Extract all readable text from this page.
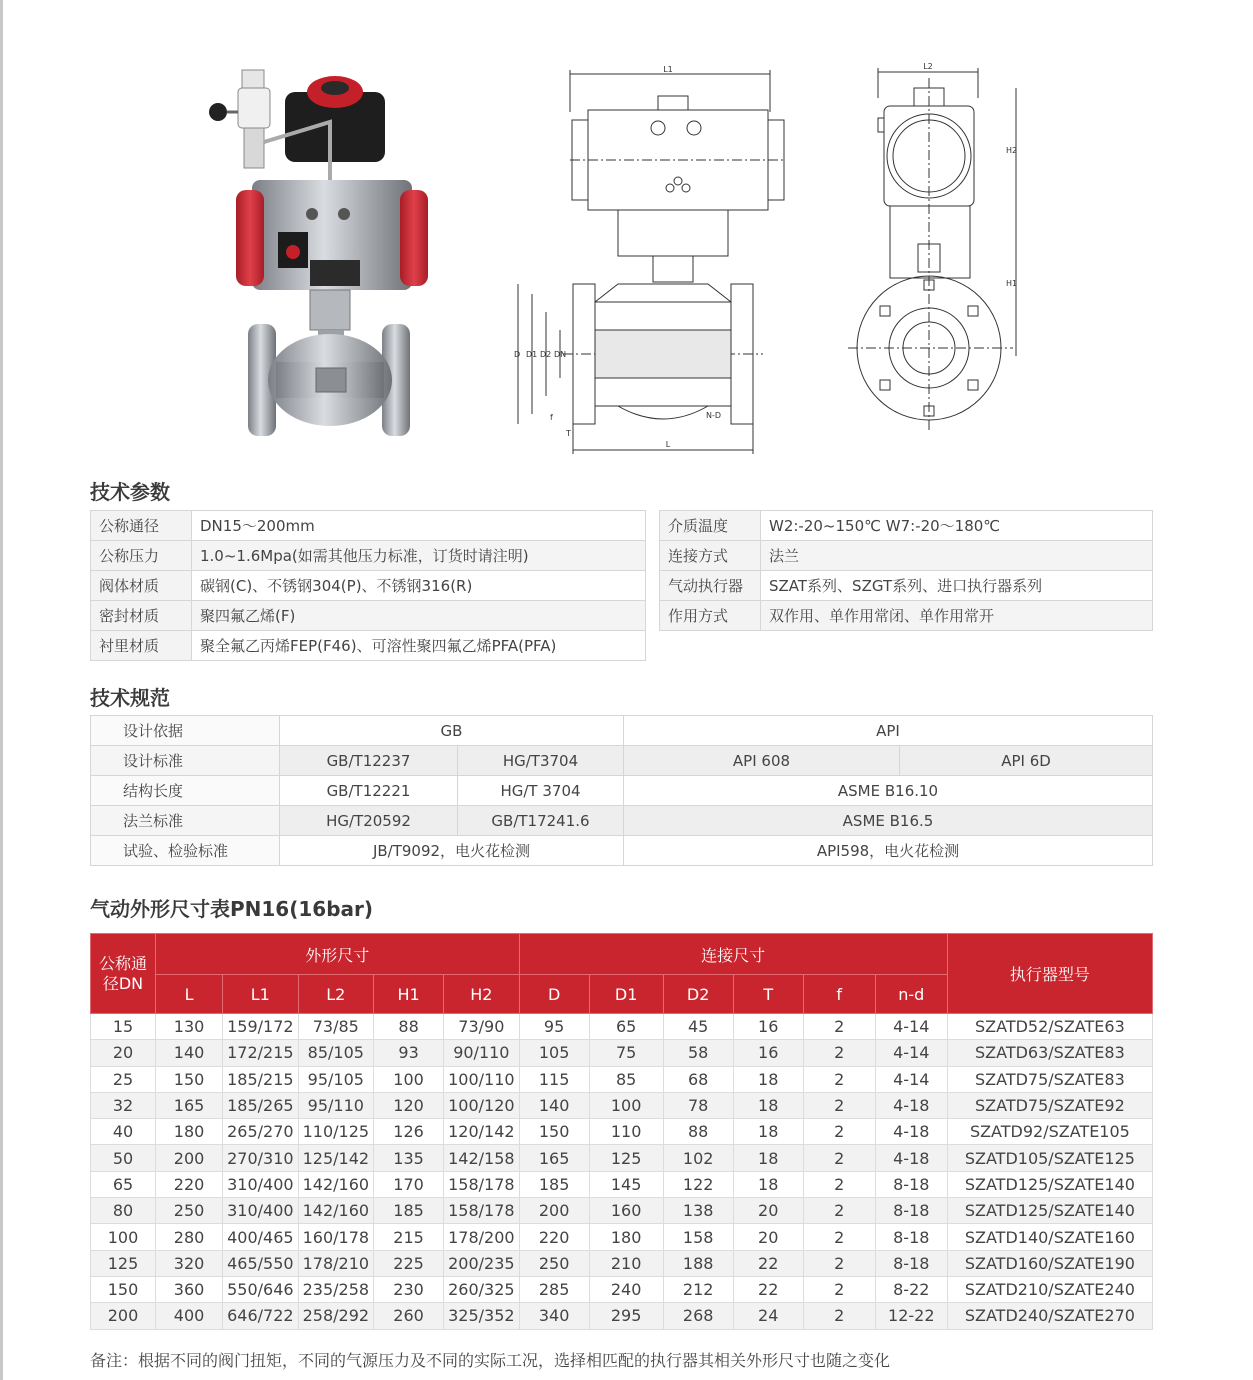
L1
D D1 D2 DN
f
T
N-D
L
L2
H2
H1
技术参数
公称通径	DN15～200mm
公称压力	1.0~1.6Mpa(如需其他压力标准，订货时请注明)
阀体材质	碳钢(C)、不锈钢304(P)、不锈钢316(R)
密封材质	聚四氟乙烯(F)
衬里材质	聚全氟乙丙烯FEP(F46)、可溶性聚四氟乙烯PFA(PFA)
介质温度	W2:-20~150℃ W7:-20～180℃
连接方式	法兰
气动执行器	SZAT系列、SZGT系列、进口执行器系列
作用方式	双作用、单作用常闭、单作用常开
技术规范
设计依据	GB		API	
设计标准	GB/T12237	HG/T3704	API 608	API 6D
结构长度	GB/T12221	HG/T 3704	ASME B16.10	
法兰标准	HG/T20592	GB/T17241.6	ASME B16.5	
试验、检验标准	JB/T9092，电火花检测		API598，电火花检测	
气动外形尺寸表PN16(16bar)
公称通径DN	外形尺寸					连接尺寸						执行器型号
	L	L1	L2	H1	H2	D	D1	D2	T	f	n-d	
15	130	159/172	73/85	88	73/90	95	65	45	16	2	4-14	SZATD52/SZATE63
20	140	172/215	85/105	93	90/110	105	75	58	16	2	4-14	SZATD63/SZATE83
25	150	185/215	95/105	100	100/110	115	85	68	18	2	4-14	SZATD75/SZATE83
32	165	185/265	95/110	120	100/120	140	100	78	18	2	4-18	SZATD75/SZATE92
40	180	265/270	110/125	126	120/142	150	110	88	18	2	4-18	SZATD92/SZATE105
50	200	270/310	125/142	135	142/158	165	125	102	18	2	4-18	SZATD105/SZATE125
65	220	310/400	142/160	170	158/178	185	145	122	18	2	8-18	SZATD125/SZATE140
80	250	310/400	142/160	185	158/178	200	160	138	20	2	8-18	SZATD125/SZATE140
100	280	400/465	160/178	215	178/200	220	180	158	20	2	8-18	SZATD140/SZATE160
125	320	465/550	178/210	225	200/235	250	210	188	22	2	8-18	SZATD160/SZATE190
150	360	550/646	235/258	230	260/325	285	240	212	22	2	8-22	SZATD210/SZATE240
200	400	646/722	258/292	260	325/352	340	295	268	24	2	12-22	SZATD240/SZATE270
备注：根据不同的阀门扭矩，不同的气源压力及不同的实际工况，选择相匹配的执行器其相关外形尺寸也随之变化
